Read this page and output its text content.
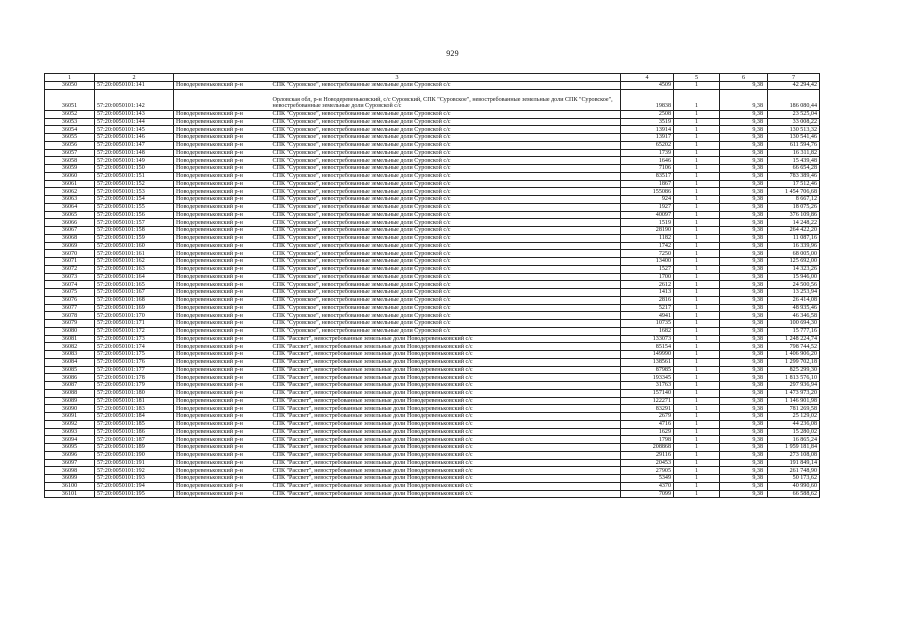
929
1	2	3		4	5	6	7
36050	57:20:0050101:141	Новодеревеньковский р-н	СПК "Суровское", невостребованные земельные доли Суровской с/с	4509	1	9,38	42 294,42
36051	57:20:0050101:142		Орловская обл, р-н Новодеревеньковский, с/с Суровский, СПК "Суровское", невостребованные земельные доли СПК "Суровское", невостребованные земельные доли Суровской с/с	19838	1	9,38	186 080,44
36052	57:20:0050101:143	Новодеревеньковский р-н	СПК "Суровское", невостребованные земельные доли Суровской с/с	2508	1	9,38	23 525,04
36053	57:20:0050101:144	Новодеревеньковский р-н	СПК "Суровское", невостребованные земельные доли Суровской с/с	3519	1	9,38	33 008,22
36054	57:20:0050101:145	Новодеревеньковский р-н	СПК "Суровское", невостребованные земельные доли Суровской с/с	13914	1	9,38	130 513,32
36055	57:20:0050101:146	Новодеревеньковский р-н	СПК "Суровское", невостребованные земельные доли Суровской с/с	13917	1	9,38	130 541,46
36056	57:20:0050101:147	Новодеревеньковский р-н	СПК "Суровское", невостребованные земельные доли Суровской с/с	65202	1	9,38	611 594,76
36057	57:20:0050101:148	Новодеревеньковский р-н	СПК "Суровское", невостребованные земельные доли Суровской с/с	1739	1	9,38	16 311,82
36058	57:20:0050101:149	Новодеревеньковский р-н	СПК "Суровское", невостребованные земельные доли Суровской с/с	1646	1	9,38	15 439,48
36059	57:20:0050101:150	Новодеревеньковский р-н	СПК "Суровское", невостребованные земельные доли Суровской с/с	7106	1	9,38	66 654,28
36060	57:20:0050101:151	Новодеревеньковский р-н	СПК "Суровское", невостребованные земельные доли Суровской с/с	83517	1	9,38	783 389,46
36061	57:20:0050101:152	Новодеревеньковский р-н	СПК "Суровское", невостребованные земельные доли Суровской с/с	1867	1	9,38	17 512,46
36062	57:20:0050101:153	Новодеревеньковский р-н	СПК "Суровское", невостребованные земельные доли Суровской с/с	155086	1	9,38	1 454 706,68
36063	57:20:0050101:154	Новодеревеньковский р-н	СПК "Суровское", невостребованные земельные доли Суровской с/с	924	1	9,38	8 667,12
36064	57:20:0050101:155	Новодеревеньковский р-н	СПК "Суровское", невостребованные земельные доли Суровской с/с	1927	1	9,38	18 075,26
36065	57:20:0050101:156	Новодеревеньковский р-н	СПК "Суровское", невостребованные земельные доли Суровской с/с	40097	1	9,38	376 109,86
36066	57:20:0050101:157	Новодеревеньковский р-н	СПК "Суровское", невостребованные земельные доли Суровской с/с	1519	1	9,38	14 248,22
36067	57:20:0050101:158	Новодеревеньковский р-н	СПК "Суровское", невостребованные земельные доли Суровской с/с	28190	1	9,38	264 422,20
36068	57:20:0050101:159	Новодеревеньковский р-н	СПК "Суровское", невостребованные земельные доли Суровской с/с	1182	1	9,38	11 087,16
36069	57:20:0050101:160	Новодеревеньковский р-н	СПК "Суровское", невостребованные земельные доли Суровской с/с	1742	1	9,38	16 339,96
36070	57:20:0050101:161	Новодеревеньковский р-н	СПК "Суровское", невостребованные земельные доли Суровской с/с	7250	1	9,38	68 005,00
36071	57:20:0050101:162	Новодеревеньковский р-н	СПК "Суровское", невостребованные земельные доли Суровской с/с	13400	1	9,38	125 692,00
36072	57:20:0050101:163	Новодеревеньковский р-н	СПК "Суровское", невостребованные земельные доли Суровской с/с	1527	1	9,38	14 323,26
36073	57:20:0050101:164	Новодеревеньковский р-н	СПК "Суровское", невостребованные земельные доли Суровской с/с	1700	1	9,38	15 946,00
36074	57:20:0050101:165	Новодеревеньковский р-н	СПК "Суровское", невостребованные земельные доли Суровской с/с	2612	1	9,38	24 500,56
36075	57:20:0050101:167	Новодеревеньковский р-н	СПК "Суровское", невостребованные земельные доли Суровской с/с	1413	1	9,38	13 253,94
36076	57:20:0050101:168	Новодеревеньковский р-н	СПК "Суровское", невостребованные земельные доли Суровской с/с	2816	1	9,38	26 414,08
36077	57:20:0050101:169	Новодеревеньковский р-н	СПК "Суровское", невостребованные земельные доли Суровской с/с	5217	1	9,38	48 935,46
36078	57:20:0050101:170	Новодеревеньковский р-н	СПК "Суровское", невостребованные земельные доли Суровской с/с	4941	1	9,38	46 346,58
36079	57:20:0050101:171	Новодеревеньковский р-н	СПК "Суровское", невостребованные земельные доли Суровской с/с	10735	1	9,38	100 694,30
36080	57:20:0050101:172	Новодеревеньковский р-н	СПК "Суровское", невостребованные земельные доли Суровской с/с	1682	1	9,38	15 777,16
36081	57:20:0050101:173	Новодеревеньковский р-н	СПК "Рассвет", невостребованные земельные доли Новодеревеньковский с/с	133073	1	9,38	1 248 224,74
36082	57:20:0050101:174	Новодеревеньковский р-н	СПК "Рассвет", невостребованные земельные доли Новодеревеньковский с/с	85154	1	9,38	798 744,52
36083	57:20:0050101:175	Новодеревеньковский р-н	СПК "Рассвет", невостребованные земельные доли Новодеревеньковский с/с	149990	1	9,38	1 406 906,20
36084	57:20:0050101:176	Новодеревеньковский р-н	СПК "Рассвет", невостребованные земельные доли Новодеревеньковский с/с	138561	1	9,38	1 299 702,18
36085	57:20:0050101:177	Новодеревеньковский р-н	СПК "Рассвет", невостребованные земельные доли Новодеревеньковский с/с	87985	1	9,38	825 299,30
36086	57:20:0050101:178	Новодеревеньковский р-н	СПК "Рассвет", невостребованные земельные доли Новодеревеньковский с/с	193345	1	9,38	1 813 576,10
36087	57:20:0050101:179	Новодеревеньковский р-н	СПК "Рассвет", невостребованные земельные доли Новодеревеньковский с/с	31763	1	9,38	297 936,94
36088	57:20:0050101:180	Новодеревеньковский р-н	СПК "Рассвет", невостребованные земельные доли Новодеревеньковский с/с	157140	1	9,38	1 473 973,20
36089	57:20:0050101:181	Новодеревеньковский р-н	СПК "Рассвет", невостребованные земельные доли Новодеревеньковский с/с	122271	1	9,38	1 146 901,98
36090	57:20:0050101:183	Новодеревеньковский р-н	СПК "Рассвет", невостребованные земельные доли Новодеревеньковский с/с	83291	1	9,38	781 269,58
36091	57:20:0050101:184	Новодеревеньковский р-н	СПК "Рассвет", невостребованные земельные доли Новодеревеньковский с/с	2679	1	9,38	25 129,02
36092	57:20:0050101:185	Новодеревеньковский р-н	СПК "Рассвет", невостребованные земельные доли Новодеревеньковский с/с	4716	1	9,38	44 236,08
36093	57:20:0050101:186	Новодеревеньковский р-н	СПК "Рассвет", невостребованные земельные доли Новодеревеньковский с/с	1629	1	9,38	15 280,02
36094	57:20:0050101:187	Новодеревеньковский р-н	СПК "Рассвет", невостребованные земельные доли Новодеревеньковский с/с	1798	1	9,38	16 865,24
36095	57:20:0050101:189	Новодеревеньковский р-н	СПК "Рассвет", невостребованные земельные доли Новодеревеньковский с/с	208868	1	9,38	1 959 181,84
36096	57:20:0050101:190	Новодеревеньковский р-н	СПК "Рассвет", невостребованные земельные доли Новодеревеньковский с/с	29116	1	9,38	273 108,08
36097	57:20:0050101:191	Новодеревеньковский р-н	СПК "Рассвет", невостребованные земельные доли Новодеревеньковский с/с	20453	1	9,38	191 849,14
36098	57:20:0050101:192	Новодеревеньковский р-н	СПК "Рассвет", невостребованные земельные доли Новодеревеньковский с/с	27905	1	9,38	261 748,90
36099	57:20:0050101:193	Новодеревеньковский р-н	СПК "Рассвет", невостребованные земельные доли Новодеревеньковский с/с	5349	1	9,38	50 173,62
36100	57:20:0050101:194	Новодеревеньковский р-н	СПК "Рассвет", невостребованные земельные доли Новодеревеньковский с/с	4370	1	9,38	40 990,60
36101	57:20:0050101:195	Новодеревеньковский р-н	СПК "Рассвет", невостребованные земельные доли Новодеревеньковский с/с	7099	1	9,38	66 588,62
